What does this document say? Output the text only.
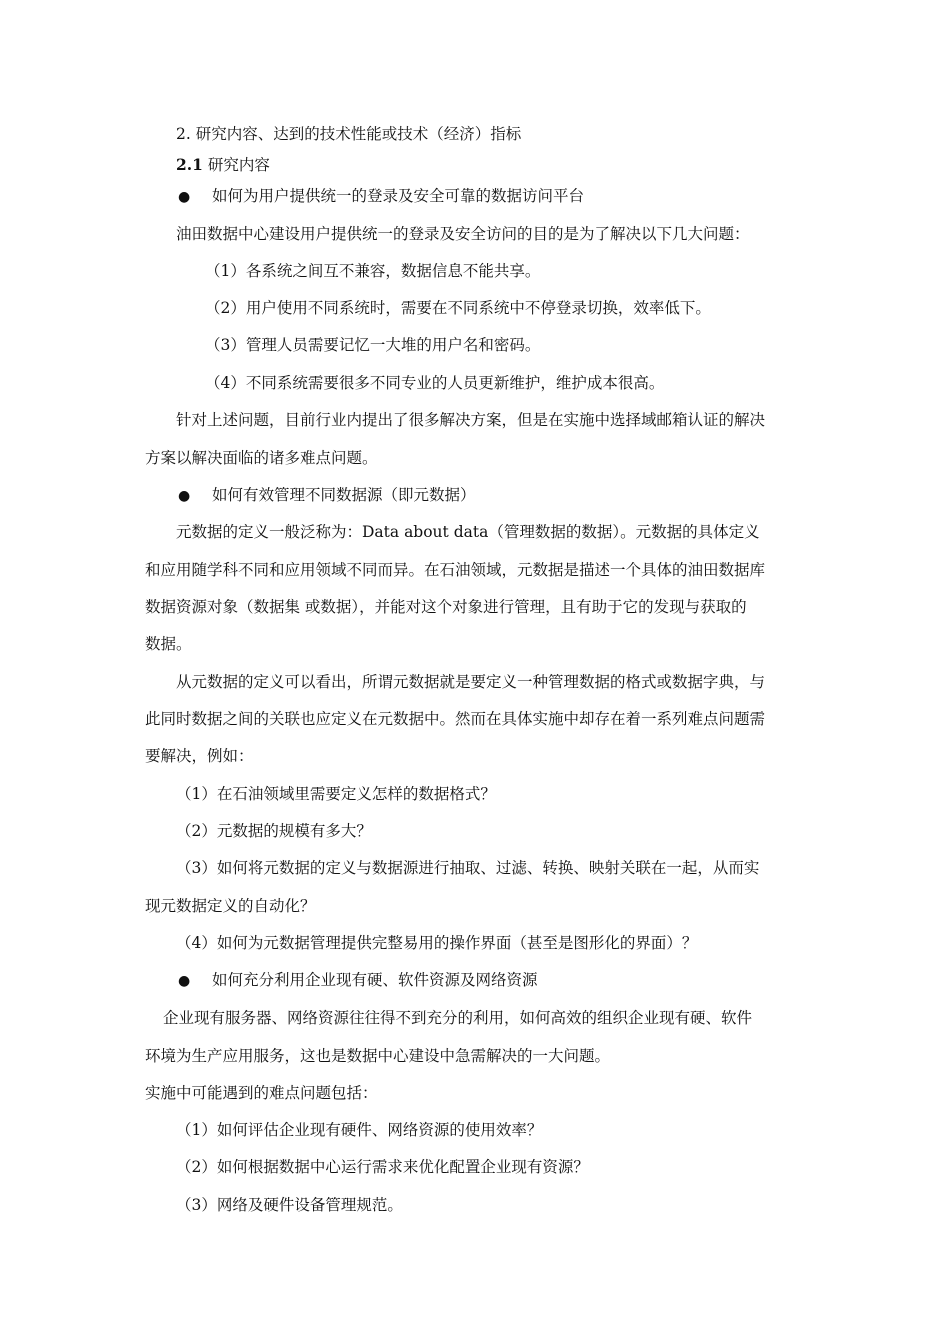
2. 研究内容、达到的技术性能或技术（经济）指标
2.1 研究内容
● 如何为用户提供统一的登录及安全可靠的数据访问平台
油田数据中心建设用户提供统一的登录及安全访问的目的是为了解决以下几大问题：
（1）各系统之间互不兼容，数据信息不能共享。
（2）用户使用不同系统时，需要在不同系统中不停登录切换，效率低下。
（3）管理人员需要记忆一大堆的用户名和密码。
（4）不同系统需要很多不同专业的人员更新维护，维护成本很高。
针对上述问题，目前行业内提出了很多解决方案，但是在实施中选择域邮箱认证的解决
方案以解决面临的诸多难点问题。
● 如何有效管理不同数据源（即元数据）
元数据的定义一般泛称为：Data about data（管理数据的数据）。元数据的具体定义
和应用随学科不同和应用领域不同而异。在石油领域，元数据是描述一个具体的油田数据库
数据资源对象（数据集 或数据），并能对这个对象进行管理，且有助于它的发现与获取的
数据。
从元数据的定义可以看出，所谓元数据就是要定义一种管理数据的格式或数据字典，与
此同时数据之间的关联也应定义在元数据中。然而在具体实施中却存在着一系列难点问题需
要解决，例如：
（1）在石油领域里需要定义怎样的数据格式？
（2）元数据的规模有多大？
（3）如何将元数据的定义与数据源进行抽取、过滤、转换、映射关联在一起，从而实
现元数据定义的自动化？
（4）如何为元数据管理提供完整易用的操作界面（甚至是图形化的界面）？
● 如何充分利用企业现有硬、软件资源及网络资源
企业现有服务器、网络资源往往得不到充分的利用，如何高效的组织企业现有硬、软件
环境为生产应用服务，这也是数据中心建设中急需解决的一大问题。
实施中可能遇到的难点问题包括：
（1）如何评估企业现有硬件、网络资源的使用效率？
（2）如何根据数据中心运行需求来优化配置企业现有资源？
（3）网络及硬件设备管理规范。
